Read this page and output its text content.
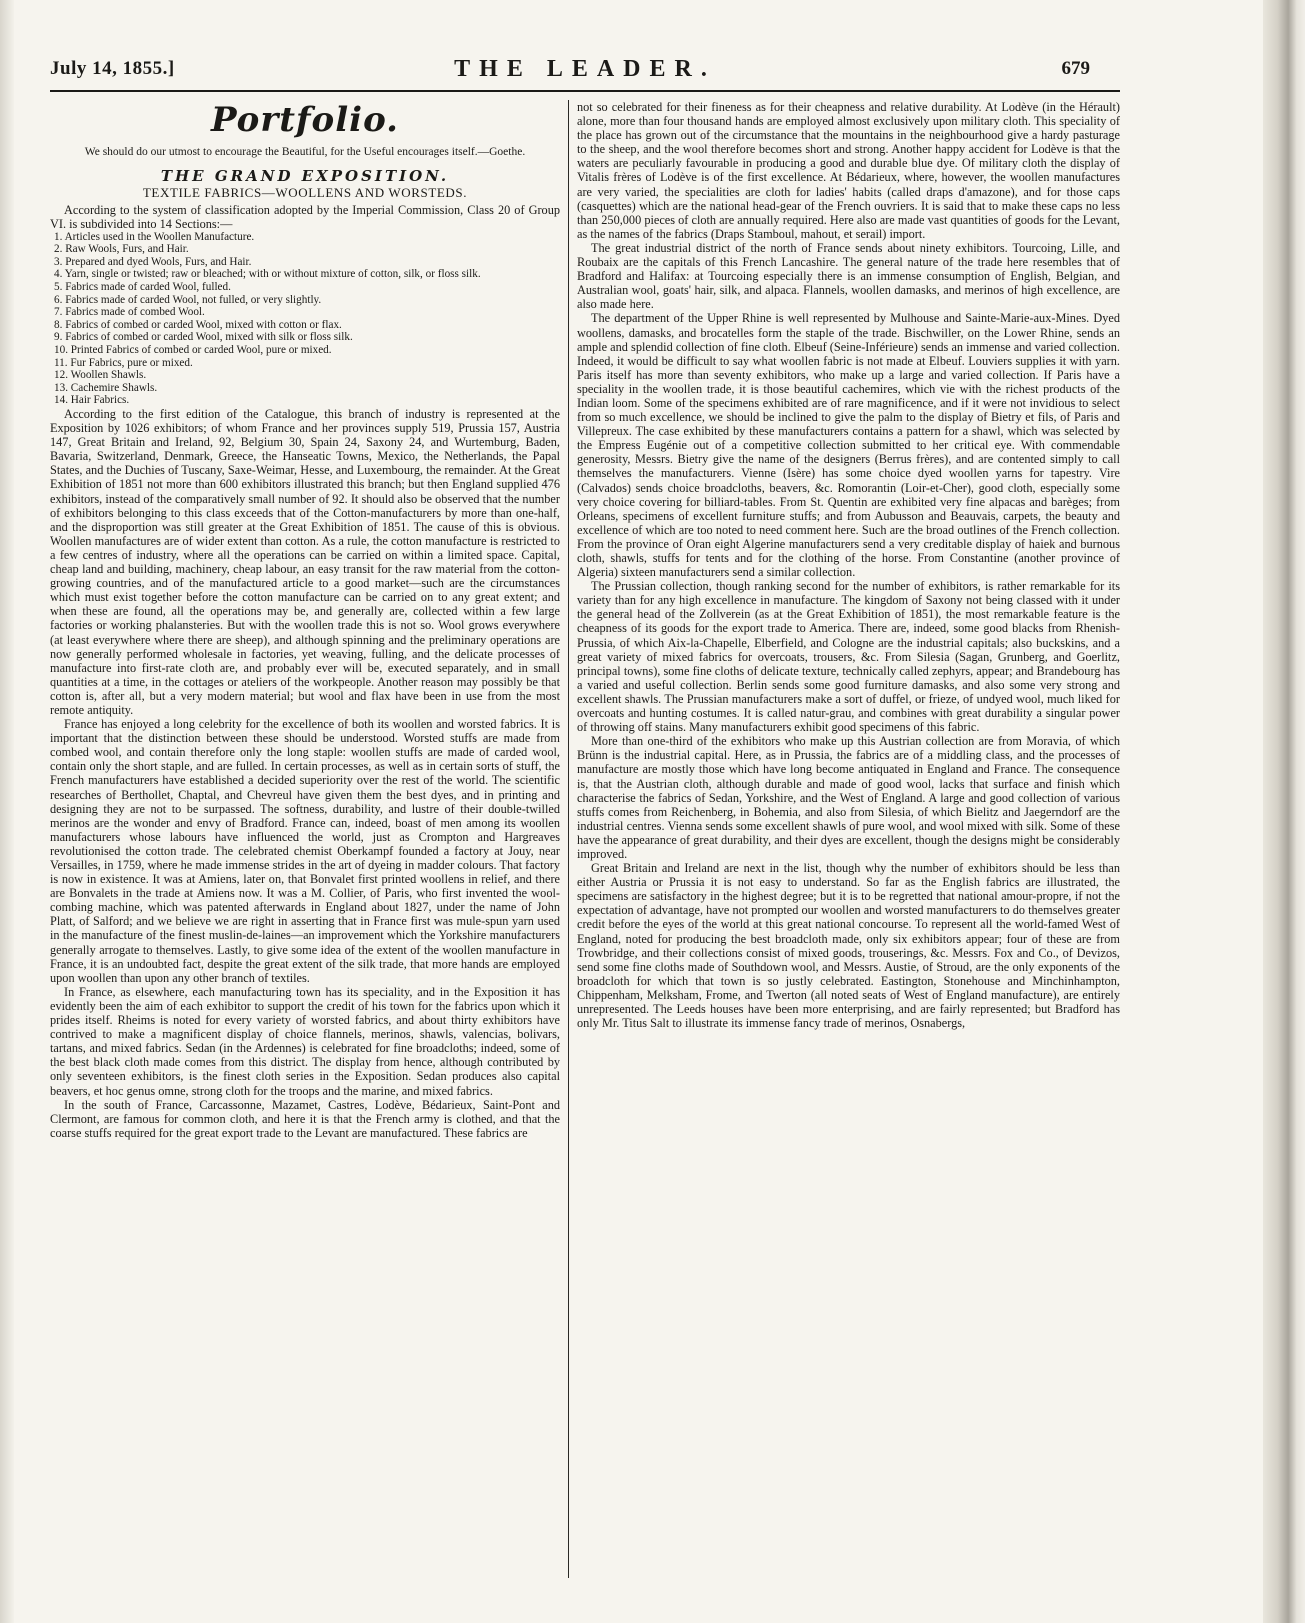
July 14, 1855.]	THE LEADER.	679
Portfolio.
We should do our utmost to encourage the Beautiful, for the Useful encourages itself.—Goethe.
THE GRAND EXPOSITION.
TEXTILE FABRICS—WOOLLENS AND WORSTEDS.

According to the system of classification adopted by the Imperial Commission, Class 20 of Group VI. is subdivided into 14 Sections:—

1. Articles used in the Woollen Manufacture.
2. Raw Wools, Furs, and Hair.
3. Prepared and dyed Wools, Furs, and Hair.
4. Yarn, single or twisted; raw or bleached; with or without mixture of cotton, silk, or floss silk.
5. Fabrics made of carded Wool, fulled.
6. Fabrics made of carded Wool, not fulled, or very slightly.
7. Fabrics made of combed Wool.
8. Fabrics of combed or carded Wool, mixed with cotton or flax.
9. Fabrics of combed or carded Wool, mixed with silk or floss silk.
10. Printed Fabrics of combed or carded Wool, pure or mixed.
11. Fur Fabrics, pure or mixed.
12. Woollen Shawls.
13. Cachemire Shawls.
14. Hair Fabrics.

According to the first edition of the Catalogue, this branch of industry is represented at the Exposition by 1026 exhibitors; of whom France and her provinces supply 519, Prussia 157, Austria 147, Great Britain and Ireland, 92, Belgium 30, Spain 24, Saxony 24, and Wurtemburg, Baden, Bavaria, Switzerland, Denmark, Greece, the Hanseatic Towns, Mexico, the Netherlands, the Papal States, and the Duchies of Tuscany, Saxe-Weimar, Hesse, and Luxembourg, the remainder. At the Great Exhibition of 1851 not more than 600 exhibitors illustrated this branch; but then England supplied 476 exhibitors, instead of the comparatively small number of 92. It should also be observed that the number of exhibitors belonging to this class exceeds that of the Cotton-manufacturers by more than one-half, and the disproportion was still greater at the Great Exhibition of 1851. The cause of this is obvious. Woollen manufactures are of wider extent than cotton. As a rule, the cotton manufacture is restricted to a few centres of industry, where all the operations can be carried on within a limited space. Capital, cheap land and building, machinery, cheap labour, an easy transit for the raw material from the cotton-growing countries, and of the manufactured article to a good market—such are the circumstances which must exist together before the cotton manufacture can be carried on to any great extent; and when these are found, all the operations may be, and generally are, collected within a few large factories or working phalansteries. But with the woollen trade this is not so. Wool grows everywhere (at least everywhere where there are sheep), and although spinning and the preliminary operations are now generally performed wholesale in factories, yet weaving, fulling, and the delicate processes of manufacture into first-rate cloth are, and probably ever will be, executed separately, and in small quantities at a time, in the cottages or ateliers of the workpeople. Another reason may possibly be that cotton is, after all, but a very modern material; but wool and flax have been in use from the most remote antiquity.

France has enjoyed a long celebrity for the excellence of both its woollen and worsted fabrics. It is important that the distinction between these should be understood. Worsted stuffs are made from combed wool, and contain therefore only the long staple: woollen stuffs are made of carded wool, contain only the short staple, and are fulled. In certain processes, as well as in certain sorts of stuff, the French manufacturers have established a decided superiority over the rest of the world. The scientific researches of Berthollet, Chaptal, and Chevreul have given them the best dyes, and in printing and designing they are not to be surpassed. The softness, durability, and lustre of their double-twilled merinos are the wonder and envy of Bradford. France can, indeed, boast of men among its woollen manufacturers whose labours have influenced the world, just as Crompton and Hargreaves revolutionised the cotton trade. The celebrated chemist Oberkampf founded a factory at Jouy, near Versailles, in 1759, where he made immense strides in the art of dyeing in madder colours. That factory is now in existence. It was at Amiens, later on, that Bonvalet first printed woollens in relief, and there are Bonvalets in the trade at Amiens now. It was a M. Collier, of Paris, who first invented the wool-combing machine, which was patented afterwards in England about 1827, under the name of John Platt, of Salford; and we believe we are right in asserting that in France first was mule-spun yarn used in the manufacture of the finest muslin-de-laines—an improvement which the Yorkshire manufacturers generally arrogate to themselves. Lastly, to give some idea of the extent of the woollen manufacture in France, it is an undoubted fact, despite the great extent of the silk trade, that more hands are employed upon woollen than upon any other branch of textiles.

In France, as elsewhere, each manufacturing town has its speciality, and in the Exposition it has evidently been the aim of each exhibitor to support the credit of his town for the fabrics upon which it prides itself. Rheims is noted for every variety of worsted fabrics, and about thirty exhibitors have contrived to make a magnificent display of choice flannels, merinos, shawls, valencias, bolivars, tartans, and mixed fabrics. Sedan (in the Ardennes) is celebrated for fine broadcloths; indeed, some of the best black cloth made comes from this district. The display from hence, although contributed by only seventeen exhibitors, is the finest cloth series in the Exposition. Sedan produces also capital beavers, et hoc genus omne, strong cloth for the troops and the marine, and mixed fabrics.

In the south of France, Carcassonne, Mazamet, Castres, Lodève, Bédarieux, Saint-Pont and Clermont, are famous for common cloth, and here it is that the French army is clothed, and that the coarse stuffs required for the great export trade to the Levant are manufactured. These fabrics are

not so celebrated for their fineness as for their cheapness and relative durability. At Lodève (in the Hérault) alone, more than four thousand hands are employed almost exclusively upon military cloth. This speciality of the place has grown out of the circumstance that the mountains in the neighbourhood give a hardy pasturage to the sheep, and the wool therefore becomes short and strong. Another happy accident for Lodève is that the waters are peculiarly favourable in producing a good and durable blue dye. Of military cloth the display of Vitalis frères of Lodève is of the first excellence. At Bédarieux, where, however, the woollen manufactures are very varied, the specialities are cloth for ladies' habits (called draps d'amazone), and for those caps (casquettes) which are the national head-gear of the French ouvriers. It is said that to make these caps no less than 250,000 pieces of cloth are annually required. Here also are made vast quantities of goods for the Levant, as the names of the fabrics (Draps Stamboul, mahout, et serail) import.

The great industrial district of the north of France sends about ninety exhibitors. Tourcoing, Lille, and Roubaix are the capitals of this French Lancashire. The general nature of the trade here resembles that of Bradford and Halifax: at Tourcoing especially there is an immense consumption of English, Belgian, and Australian wool, goats' hair, silk, and alpaca. Flannels, woollen damasks, and merinos of high excellence, are also made here.

The department of the Upper Rhine is well represented by Mulhouse and Sainte-Marie-aux-Mines. Dyed woollens, damasks, and brocatelles form the staple of the trade. Bischwiller, on the Lower Rhine, sends an ample and splendid collection of fine cloth. Elbeuf (Seine-Inférieure) sends an immense and varied collection. Indeed, it would be difficult to say what woollen fabric is not made at Elbeuf. Louviers supplies it with yarn. Paris itself has more than seventy exhibitors, who make up a large and varied collection. If Paris have a speciality in the woollen trade, it is those beautiful cachemires, which vie with the richest products of the Indian loom. Some of the specimens exhibited are of rare magnificence, and if it were not invidious to select from so much excellence, we should be inclined to give the palm to the display of Bietry et fils, of Paris and Villepreux. The case exhibited by these manufacturers contains a pattern for a shawl, which was selected by the Empress Eugénie out of a competitive collection submitted to her critical eye. With commendable generosity, Messrs. Bietry give the name of the designers (Berrus frères), and are contented simply to call themselves the manufacturers. Vienne (Isère) has some choice dyed woollen yarns for tapestry. Vire (Calvados) sends choice broadcloths, beavers, &c. Romorantin (Loir-et-Cher), good cloth, especially some very choice covering for billiard-tables. From St. Quentin are exhibited very fine alpacas and barèges; from Orleans, specimens of excellent furniture stuffs; and from Aubusson and Beauvais, carpets, the beauty and excellence of which are too noted to need comment here. Such are the broad outlines of the French collection. From the province of Oran eight Algerine manufacturers send a very creditable display of haiek and burnous cloth, shawls, stuffs for tents and for the clothing of the horse. From Constantine (another province of Algeria) sixteen manufacturers send a similar collection.

The Prussian collection, though ranking second for the number of exhibitors, is rather remarkable for its variety than for any high excellence in manufacture. The kingdom of Saxony not being classed with it under the general head of the Zollverein (as at the Great Exhibition of 1851), the most remarkable feature is the cheapness of its goods for the export trade to America. There are, indeed, some good blacks from Rhenish-Prussia, of which Aix-la-Chapelle, Elberfield, and Cologne are the industrial capitals; also buckskins, and a great variety of mixed fabrics for overcoats, trousers, &c. From Silesia (Sagan, Grunberg, and Goerlitz, principal towns), some fine cloths of delicate texture, technically called zephyrs, appear; and Brandebourg has a varied and useful collection. Berlin sends some good furniture damasks, and also some very strong and excellent shawls. The Prussian manufacturers make a sort of duffel, or frieze, of undyed wool, much liked for overcoats and hunting costumes. It is called natur-grau, and combines with great durability a singular power of throwing off stains. Many manufacturers exhibit good specimens of this fabric.

More than one-third of the exhibitors who make up this Austrian collection are from Moravia, of which Brünn is the industrial capital. Here, as in Prussia, the fabrics are of a middling class, and the processes of manufacture are mostly those which have long become antiquated in England and France. The consequence is, that the Austrian cloth, although durable and made of good wool, lacks that surface and finish which characterise the fabrics of Sedan, Yorkshire, and the West of England. A large and good collection of various stuffs comes from Reichenberg, in Bohemia, and also from Silesia, of which Bielitz and Jaegerndorf are the industrial centres. Vienna sends some excellent shawls of pure wool, and wool mixed with silk. Some of these have the appearance of great durability, and their dyes are excellent, though the designs might be considerably improved.

Great Britain and Ireland are next in the list, though why the number of exhibitors should be less than either Austria or Prussia it is not easy to understand. So far as the English fabrics are illustrated, the specimens are satisfactory in the highest degree; but it is to be regretted that national amour-propre, if not the expectation of advantage, have not prompted our woollen and worsted manufacturers to do themselves greater credit before the eyes of the world at this great national concourse. To represent all the world-famed West of England, noted for producing the best broadcloth made, only six exhibitors appear; four of these are from Trowbridge, and their collections consist of mixed goods, trouserings, &c. Messrs. Fox and Co., of Devizos, send some fine cloths made of Southdown wool, and Messrs. Austie, of Stroud, are the only exponents of the broadcloth for which that town is so justly celebrated. Eastington, Stonehouse and Minchinhampton, Chippenham, Melksham, Frome, and Twerton (all noted seats of West of England manufacture), are entirely unrepresented. The Leeds houses have been more enterprising, and are fairly represented; but Bradford has only Mr. Titus Salt to illustrate its immense fancy trade of merinos, Osnabergs,
